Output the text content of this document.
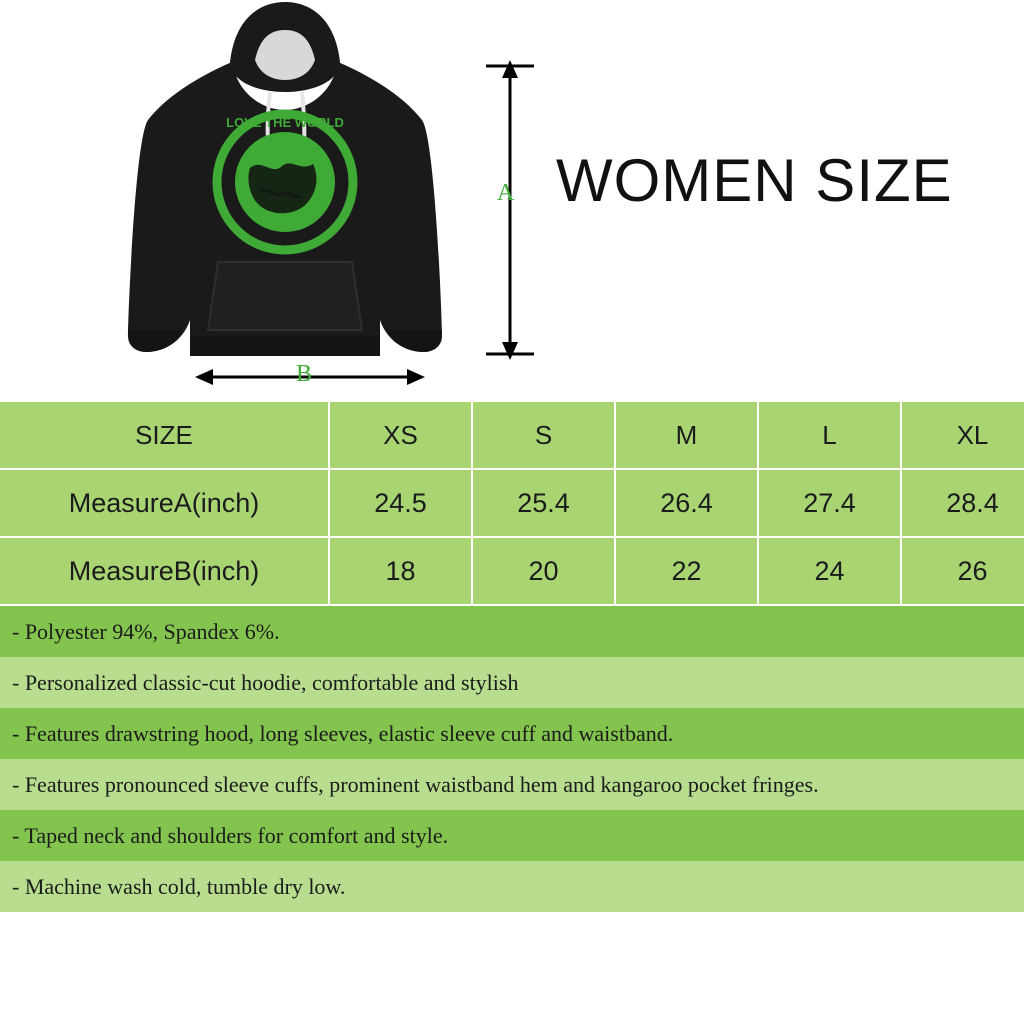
LOVE THE WORLD
A
B
WOMEN SIZE
SIZE	XS	S	M	L	XL
MeasureA(inch)	24.5	25.4	26.4	27.4	28.4
MeasureB(inch)	18	20	22	24	26
- Polyester 94%, Spandex 6%.
- Personalized classic-cut hoodie, comfortable and stylish
- Features drawstring hood, long sleeves, elastic sleeve cuff and waistband.
- Features pronounced sleeve cuffs, prominent waistband hem and kangaroo pocket fringes.
- Taped neck and shoulders for comfort and style.
- Machine wash cold, tumble dry low.
